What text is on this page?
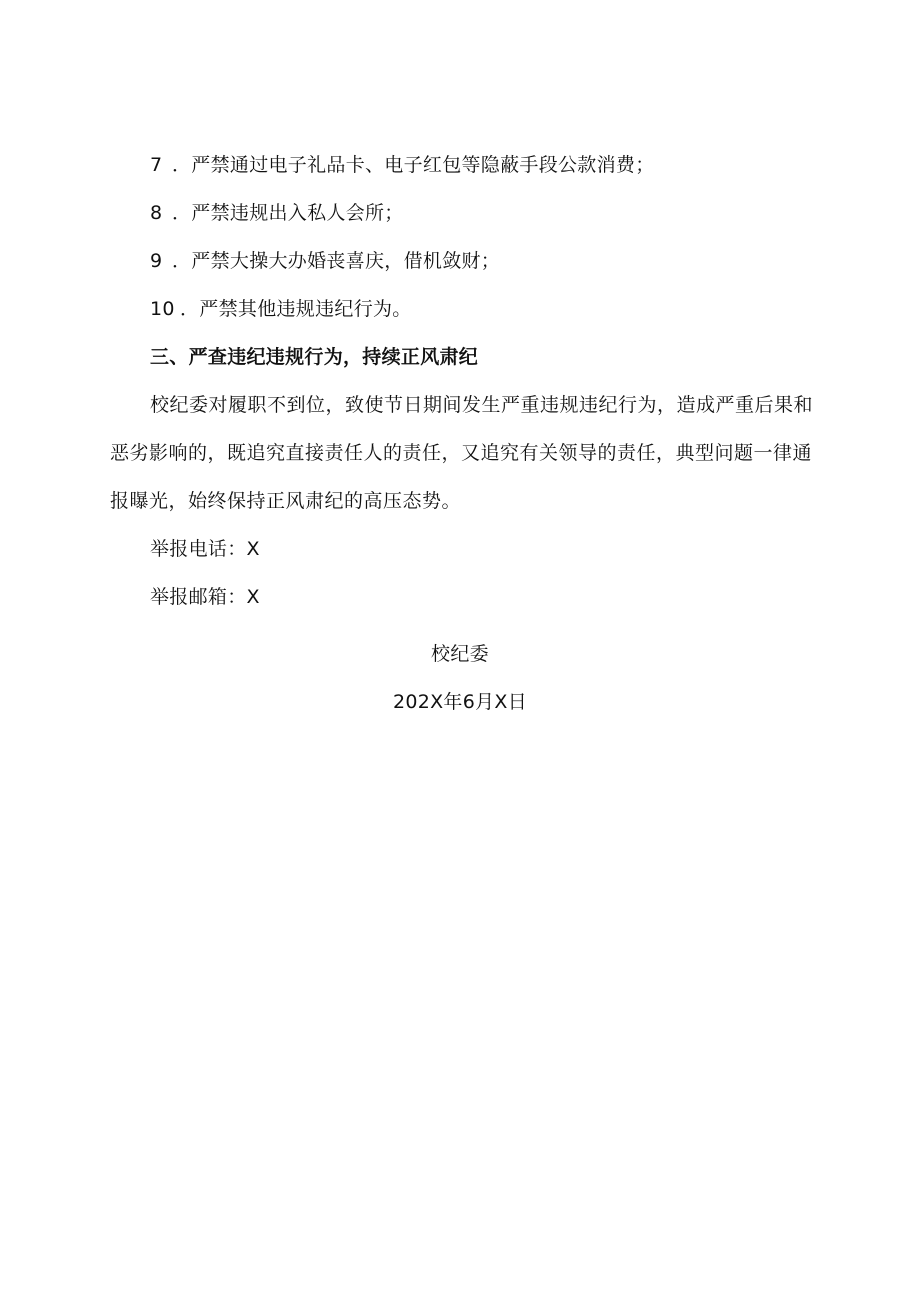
7 ．严禁通过电子礼品卡、电子红包等隐蔽手段公款消费；
8 ．严禁违规出入私人会所；
9 ．严禁大操大办婚丧喜庆，借机敛财；
10 ．严禁其他违规违纪行为。
三、严查违纪违规行为，持续正风肃纪
校纪委对履职不到位，致使节日期间发生严重违规违纪行为，造成严重后果和恶劣影响的，既追究直接责任人的责任，又追究有关领导的责任，典型问题一律通报曝光，始终保持正风肃纪的高压态势。
举报电话：X
举报邮箱：X
校纪委
202X年6月X日
